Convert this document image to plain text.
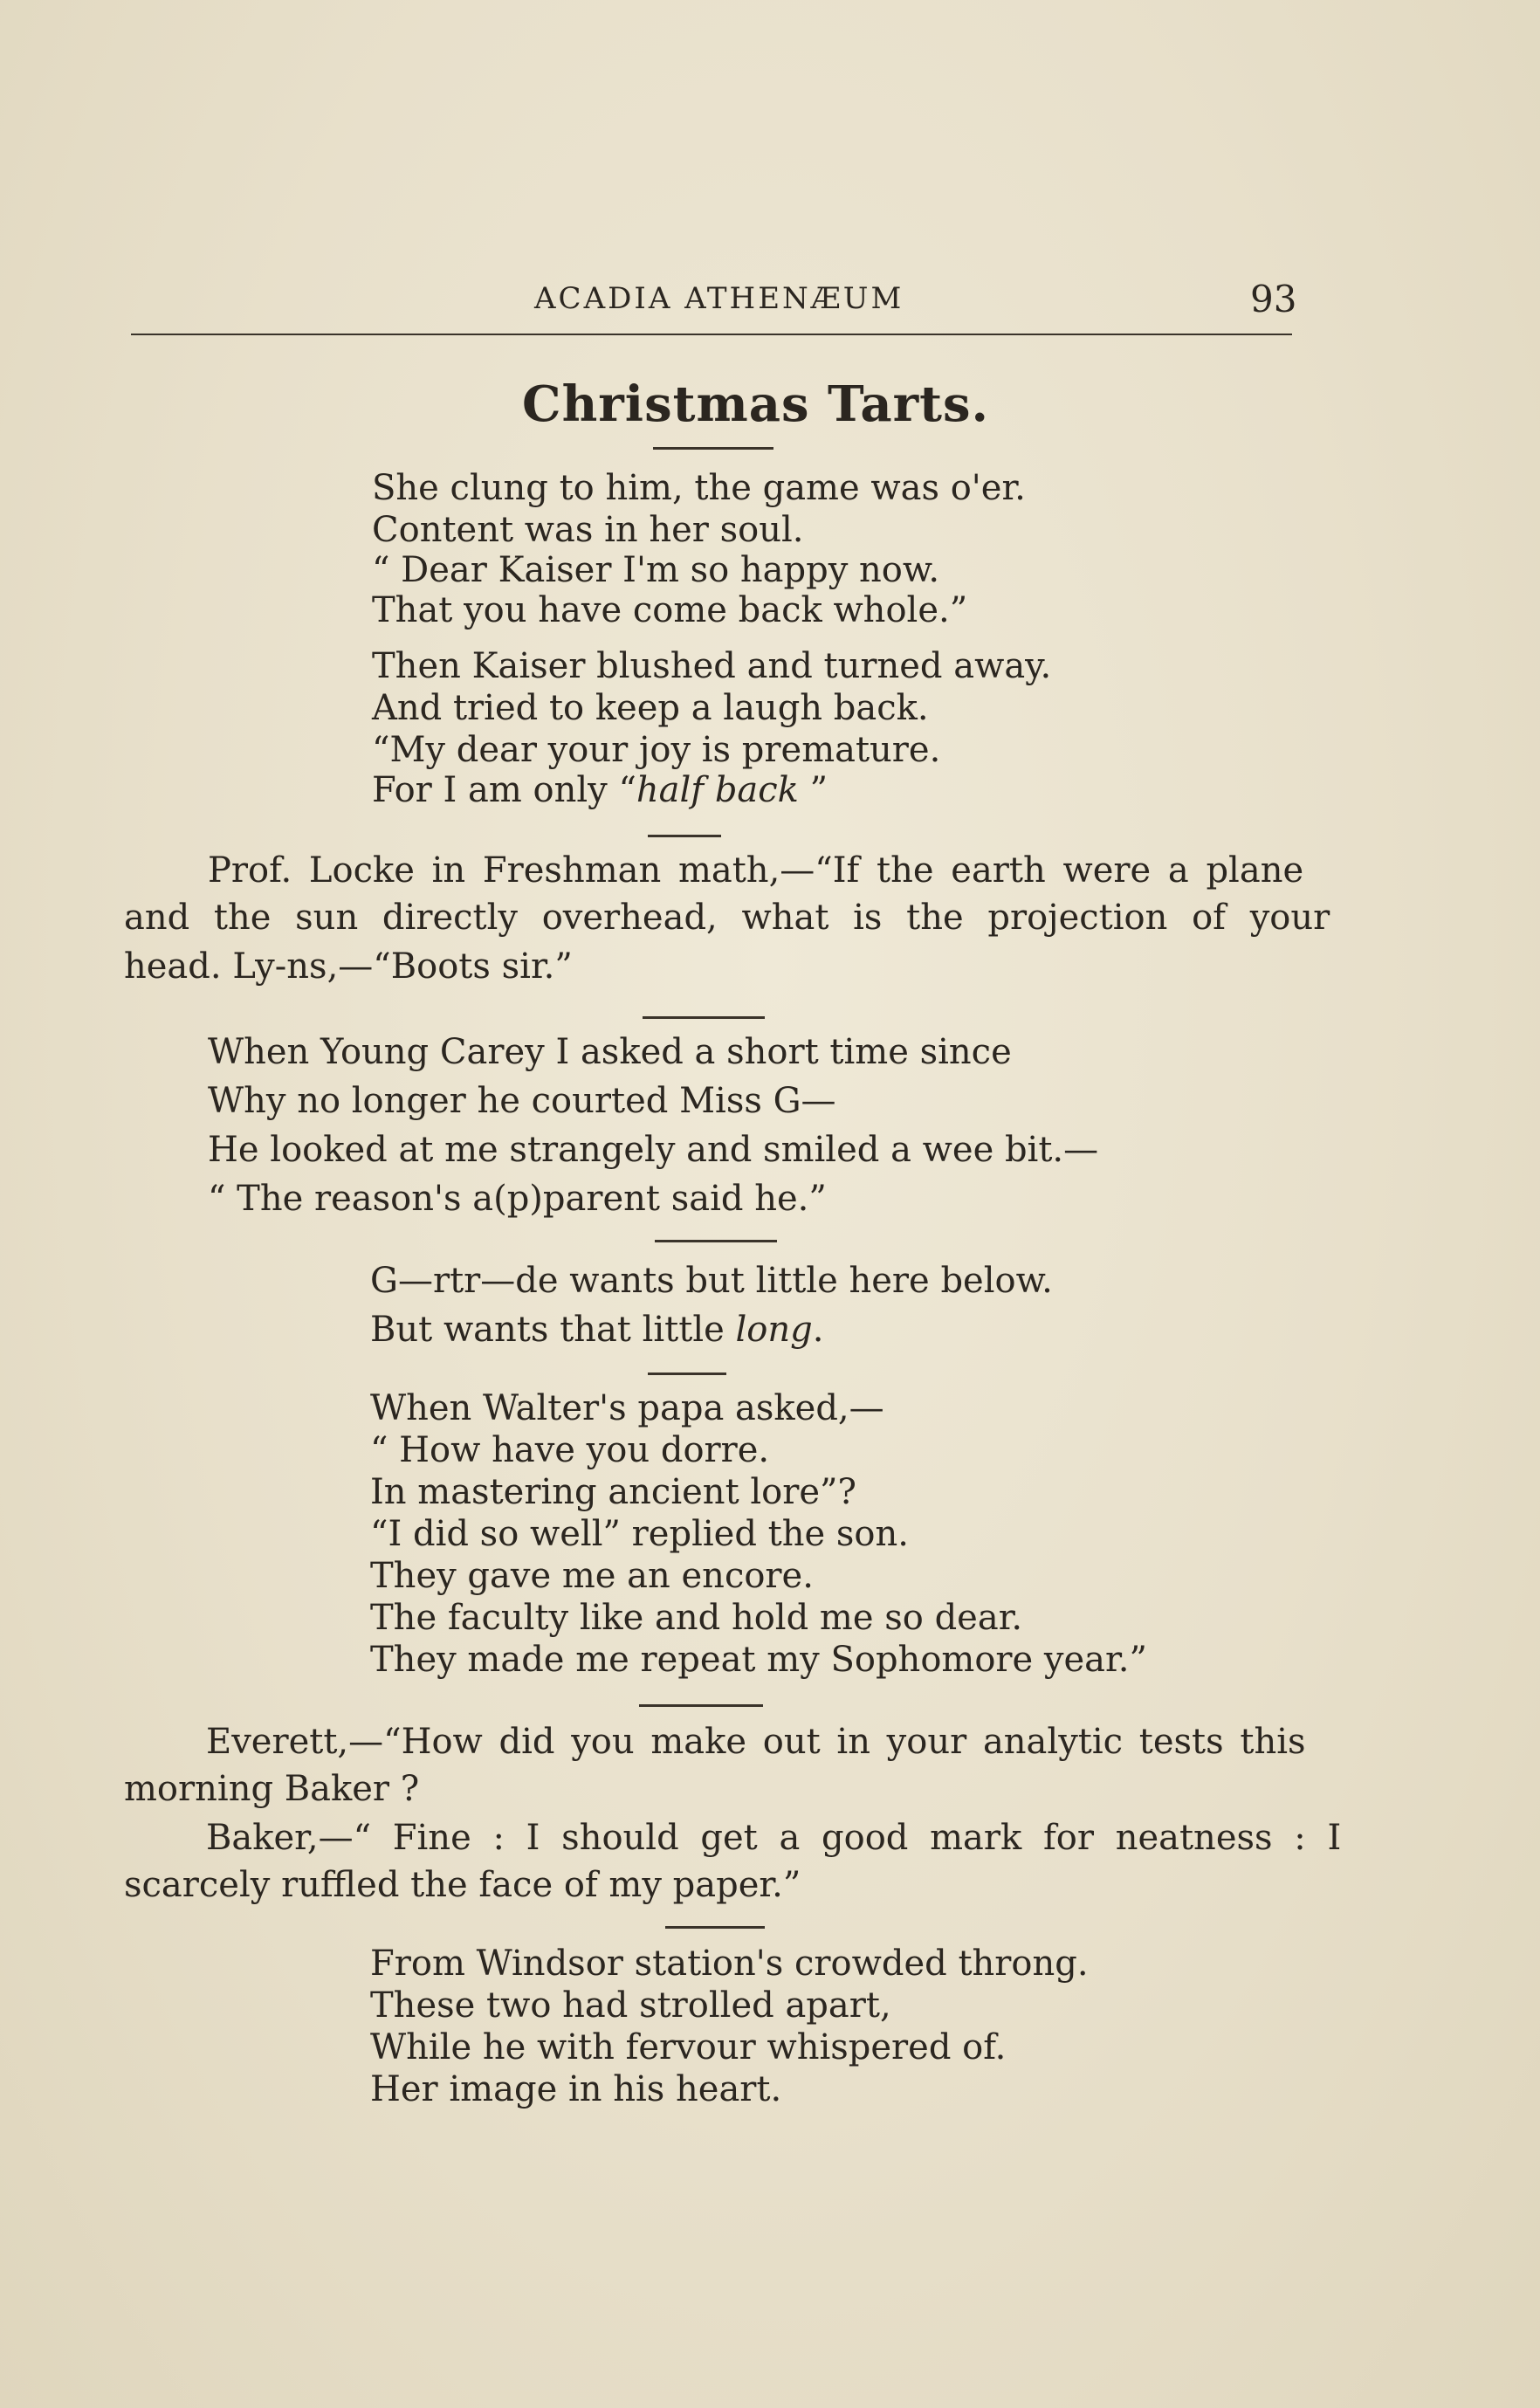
ACADIA ATHENÆUM	93
Christmas Tarts.
She clung to him, the game was o'er.
Content was in her soul.
“ Dear Kaiser I'm so happy now.
That you have come back whole.”
Then Kaiser blushed and turned away.
And tried to keep a laugh back.
“My dear your joy is premature.
For I am only “half back ”
Prof. Locke in Freshman math,—“If the earth were a plane
and the sun directly overhead, what is the projection of your
head. Ly-ns,—“Boots sir.”
When Young Carey I asked a short time since
Why no longer he courted Miss G—
He looked at me strangely and smiled a wee bit.—
“ The reason's a(p)parent said he.”
G—rtr—de wants but little here below.
But wants that little long.
When Walter's papa asked,—
“ How have you dorre.
In mastering ancient lore”?
“I did so well” replied the son.
They gave me an encore.
The faculty like and hold me so dear.
They made me repeat my Sophomore year.”
Everett,—“How did you make out in your analytic tests this
morning Baker ?
Baker,—“ Fine : I should get a good mark for neatness : I
scarcely ruffled the face of my paper.”
From Windsor station's crowded throng.
These two had strolled apart,
While he with fervour whispered of.
Her image in his heart.
